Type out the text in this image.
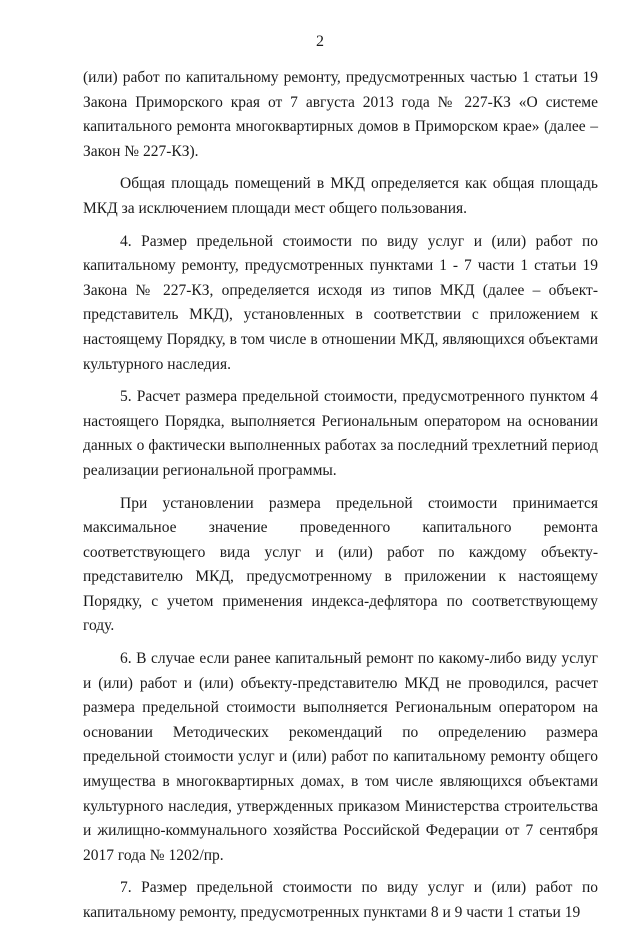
2

(или) работ по капитальному ремонту, предусмотренных частью 1 статьи 19 Закона Приморского края от 7 августа 2013 года № 227-КЗ «О системе капитального ремонта многоквартирных домов в Приморском крае» (далее – Закон № 227-КЗ).

Общая площадь помещений в МКД определяется как общая площадь МКД за исключением площади мест общего пользования.

4. Размер предельной стоимости по виду услуг и (или) работ по капитальному ремонту, предусмотренных пунктами 1 - 7 части 1 статьи 19 Закона № 227-КЗ, определяется исходя из типов МКД (далее – объект-представитель МКД), установленных в соответствии с приложением к настоящему Порядку, в том числе в отношении МКД, являющихся объектами культурного наследия.

5. Расчет размера предельной стоимости, предусмотренного пунктом 4 настоящего Порядка, выполняется Региональным оператором на основании данных о фактически выполненных работах за последний трехлетний период реализации региональной программы.

При установлении размера предельной стоимости принимается максимальное значение проведенного капитального ремонта соответствующего вида услуг и (или) работ по каждому объекту-представителю МКД, предусмотренному в приложении к настоящему Порядку, с учетом применения индекса-дефлятора по соответствующему году.

6. В случае если ранее капитальный ремонт по какому-либо виду услуг и (или) работ и (или) объекту-представителю МКД не проводился, расчет размера предельной стоимости выполняется Региональным оператором на основании Методических рекомендаций по определению размера предельной стоимости услуг и (или) работ по капитальному ремонту общего имущества в многоквартирных домах, в том числе являющихся объектами культурного наследия, утвержденных приказом Министерства строительства и жилищно-коммунального хозяйства Российской Федерации от 7 сентября 2017 года № 1202/пр.

7. Размер предельной стоимости по виду услуг и (или) работ по капитальному ремонту, предусмотренных пунктами 8 и 9 части 1 статьи 19
